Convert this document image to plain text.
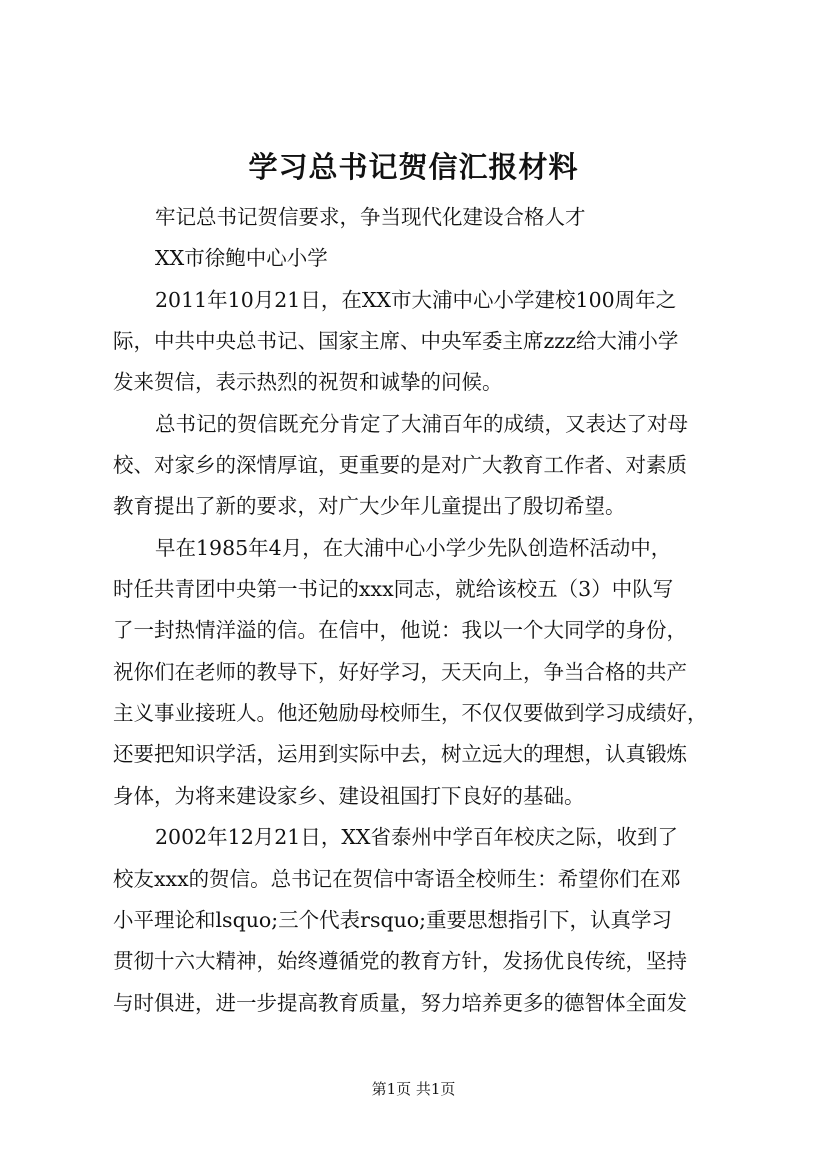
学习总书记贺信汇报材料
牢记总书记贺信要求，争当现代化建设合格人才
XX市徐鲍中心小学
2011年10月21日，在XX市大浦中心小学建校100周年之
际，中共中央总书记、国家主席、中央军委主席zzz给大浦小学
发来贺信，表示热烈的祝贺和诚挚的问候。
总书记的贺信既充分肯定了大浦百年的成绩，又表达了对母
校、对家乡的深情厚谊，更重要的是对广大教育工作者、对素质
教育提出了新的要求，对广大少年儿童提出了殷切希望。
早在1985年4月，在大浦中心小学少先队创造杯活动中，
时任共青团中央第一书记的xxx同志，就给该校五（3）中队写
了一封热情洋溢的信。在信中，他说：我以一个大同学的身份，
祝你们在老师的教导下，好好学习，天天向上，争当合格的共产
主义事业接班人。他还勉励母校师生，不仅仅要做到学习成绩好，
还要把知识学活，运用到实际中去，树立远大的理想，认真锻炼
身体，为将来建设家乡、建设祖国打下良好的基础。
2002年12月21日，XX省泰州中学百年校庆之际，收到了
校友xxx的贺信。总书记在贺信中寄语全校师生：希望你们在邓
小平理论和lsquo;三个代表rsquo;重要思想指引下，认真学习
贯彻十六大精神，始终遵循党的教育方针，发扬优良传统，坚持
与时俱进，进一步提高教育质量，努力培养更多的德智体全面发
第1页 共1页
